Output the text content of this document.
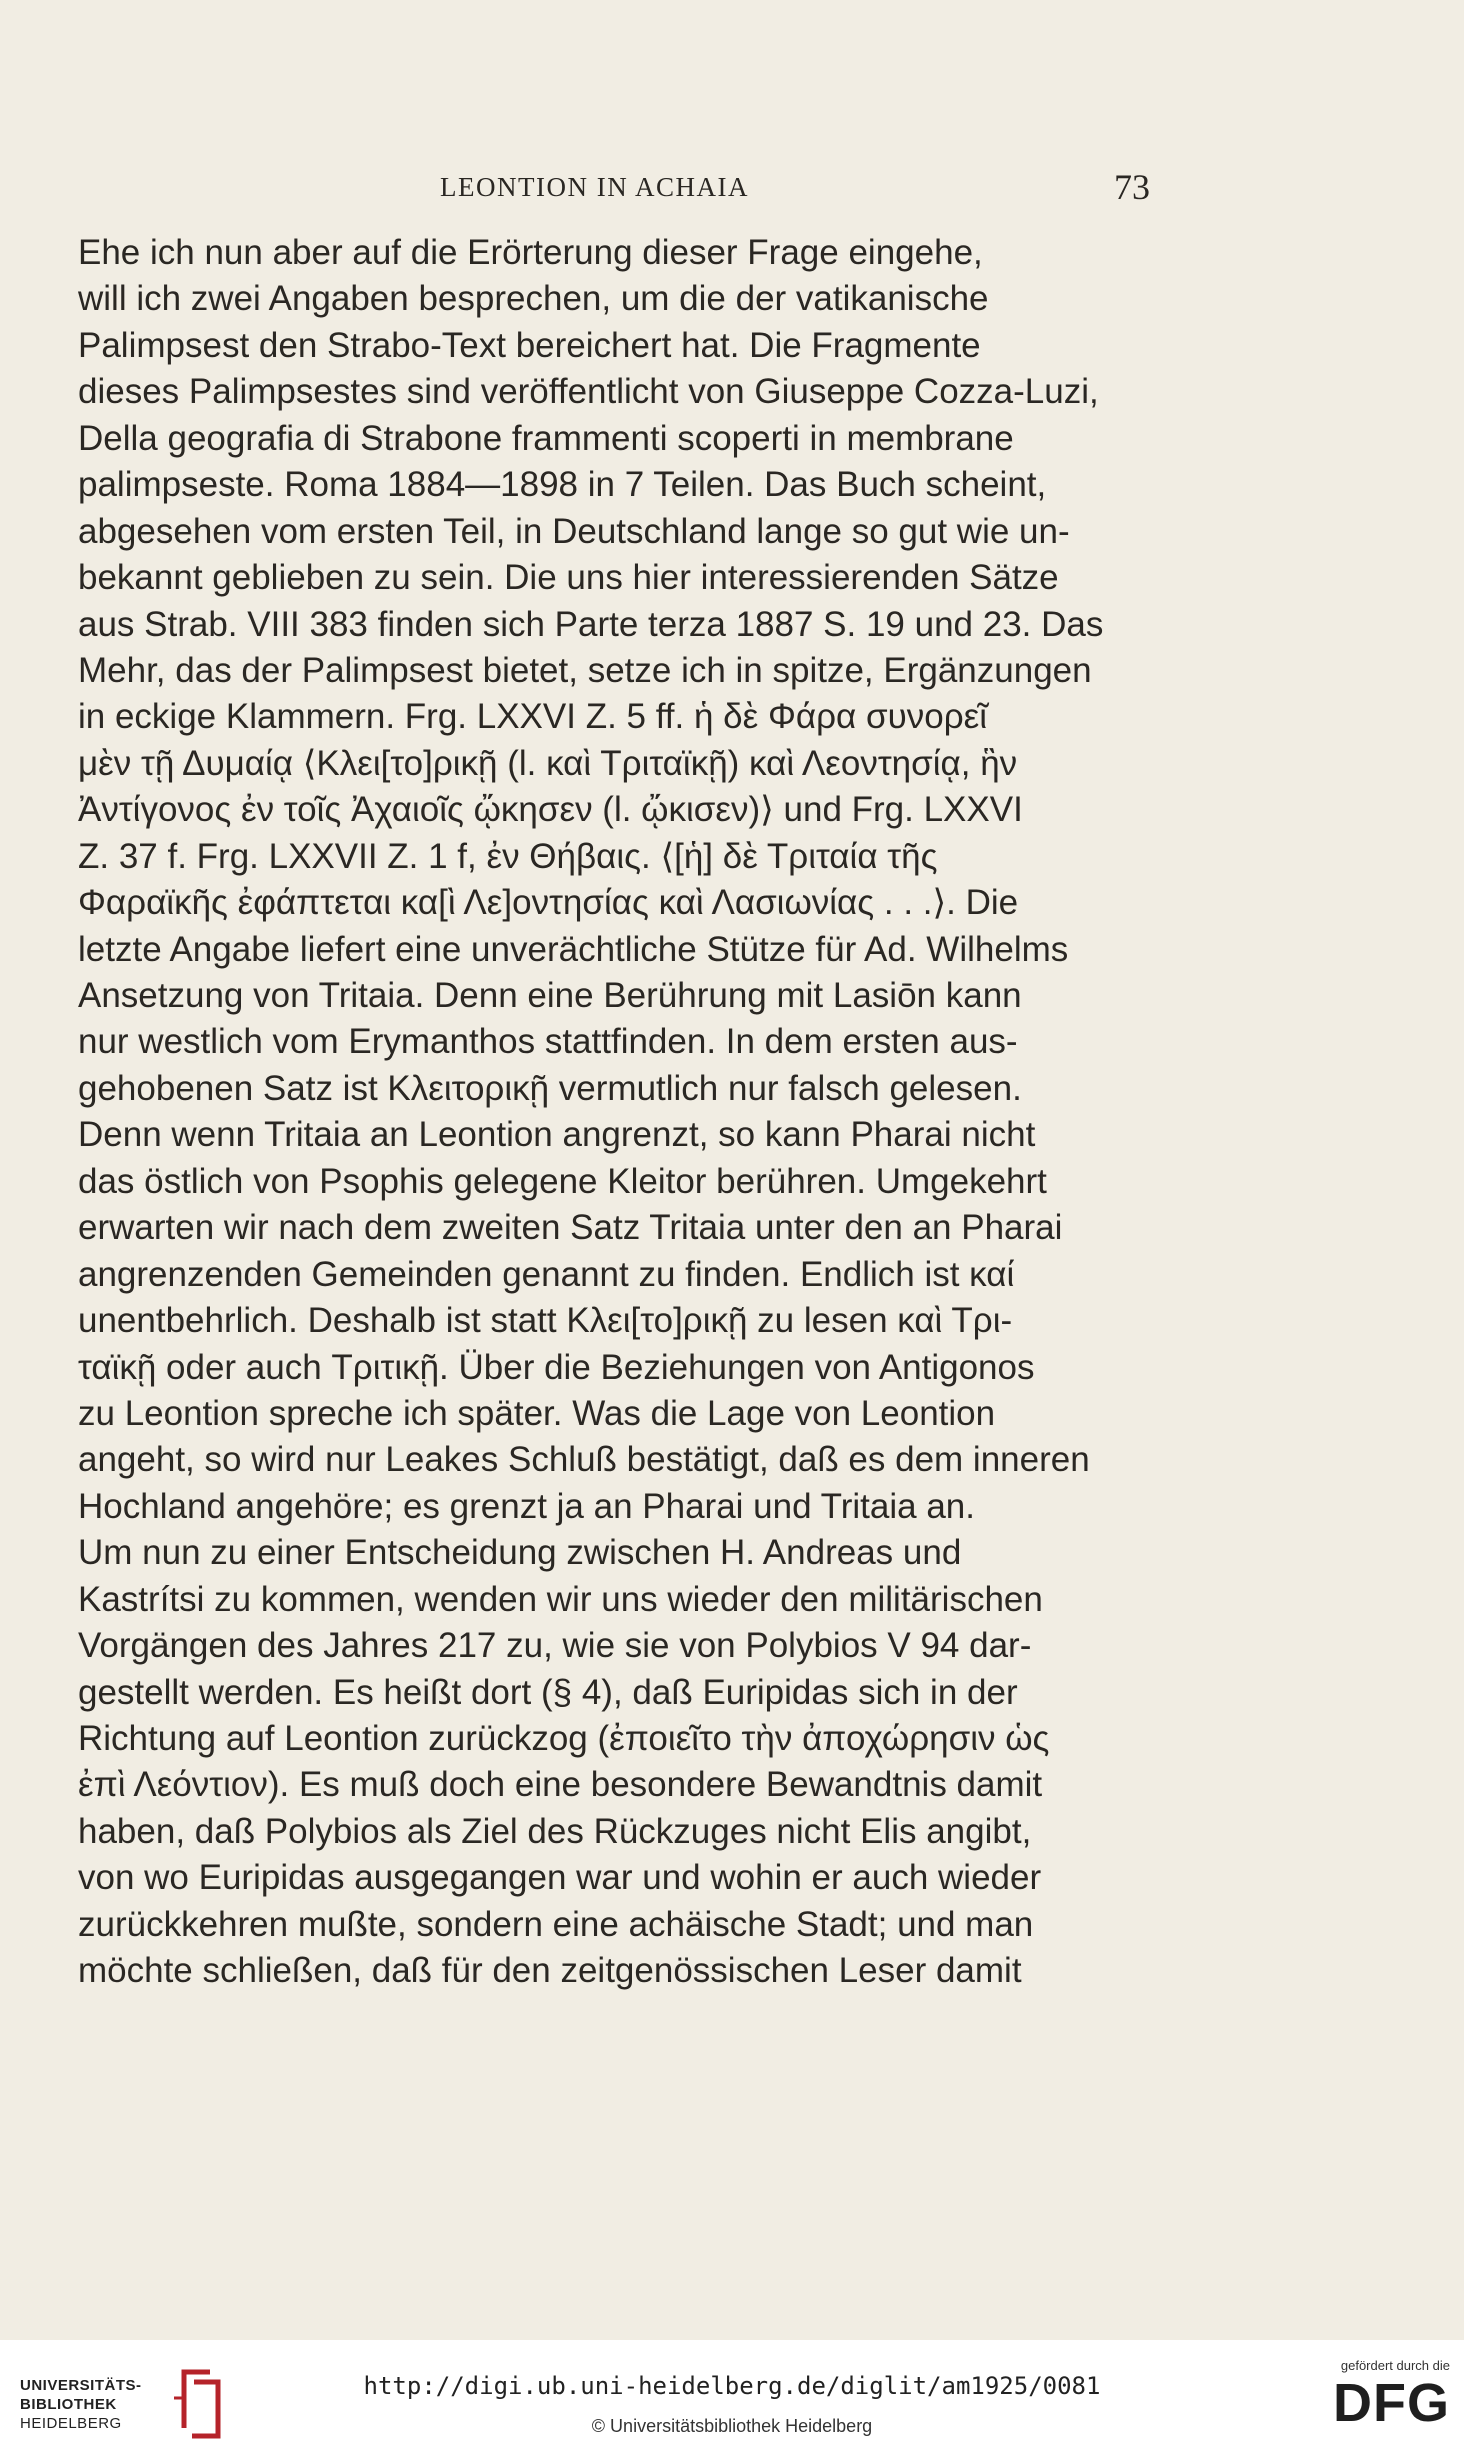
LEONTION IN ACHAIA	73
Ehe ich nun aber auf die Erörterung dieser Frage eingehe,
will ich zwei Angaben besprechen, um die der vatikanische
Palimpsest den Strabo-Text bereichert hat. Die Fragmente
dieses Palimpsestes sind veröffentlicht von Giuseppe Cozza-Luzi,
Della geografia di Strabone frammenti scoperti in membrane
palimpseste. Roma 1884—1898 in 7 Teilen. Das Buch scheint,
abgesehen vom ersten Teil, in Deutschland lange so gut wie un-
bekannt geblieben zu sein. Die uns hier interessierenden Sätze
aus Strab. VIII 383 finden sich Parte terza 1887 S. 19 und 23. Das
Mehr, das der Palimpsest bietet, setze ich in spitze, Ergänzungen
in eckige Klammern. Frg. LXXVI Z. 5 ff. ἡ δὲ Φάρα συνορεῖ
μὲν τῇ Δυμαίᾳ ⟨Κλει[το]ρικῇ (l. καὶ Τριταϊκῇ) καὶ Λεοντησίᾳ, ἣν
Ἀντίγονος ἐν τοῖς Ἀχαιοῖς ᾤκησεν (l. ᾤκισεν)⟩ und Frg. LXXVI
Z. 37 f. Frg. LXXVII Z. 1 f, ἐν Θήβαις. ⟨[ἡ] δὲ Τριταία τῆς
Φαραϊκῆς ἐφάπτεται κα[ὶ Λε]οντησίας καὶ Λασιωνίας . . .⟩. Die
letzte Angabe liefert eine unverächtliche Stütze für Ad. Wilhelms
Ansetzung von Tritaia. Denn eine Berührung mit Lasiōn kann
nur westlich vom Erymanthos stattfinden. In dem ersten aus-
gehobenen Satz ist Κλειτορικῇ vermutlich nur falsch gelesen.
Denn wenn Tritaia an Leontion angrenzt, so kann Pharai nicht
das östlich von Psophis gelegene Kleitor berühren. Umgekehrt
erwarten wir nach dem zweiten Satz Tritaia unter den an Pharai
angrenzenden Gemeinden genannt zu finden. Endlich ist καί
unentbehrlich. Deshalb ist statt Κλει[το]ρικῇ zu lesen καὶ Τρι-
ταϊκῇ oder auch Τριτικῇ. Über die Beziehungen von Antigonos
zu Leontion spreche ich später. Was die Lage von Leontion
angeht, so wird nur Leakes Schluß bestätigt, daß es dem inneren
Hochland angehöre; es grenzt ja an Pharai und Tritaia an.
Um nun zu einer Entscheidung zwischen H. Andreas und
Kastrítsi zu kommen, wenden wir uns wieder den militärischen
Vorgängen des Jahres 217 zu, wie sie von Polybios V 94 dar-
gestellt werden. Es heißt dort (§ 4), daß Euripidas sich in der
Richtung auf Leontion zurückzog (ἐποιεῖτο τὴν ἀποχώρησιν ὡς
ἐπὶ Λεόντιον). Es muß doch eine besondere Bewandtnis damit
haben, daß Polybios als Ziel des Rückzuges nicht Elis angibt,
von wo Euripidas ausgegangen war und wohin er auch wieder
zurückkehren mußte, sondern eine achäische Stadt; und man
möchte schließen, daß für den zeitgenössischen Leser damit
UNIVERSITÄTS-
BIBLIOTHEK
HEIDELBERG
http://digi.ub.uni-heidelberg.de/diglit/am1925/0081
© Universitätsbibliothek Heidelberg
gefördert durch die
DFG
